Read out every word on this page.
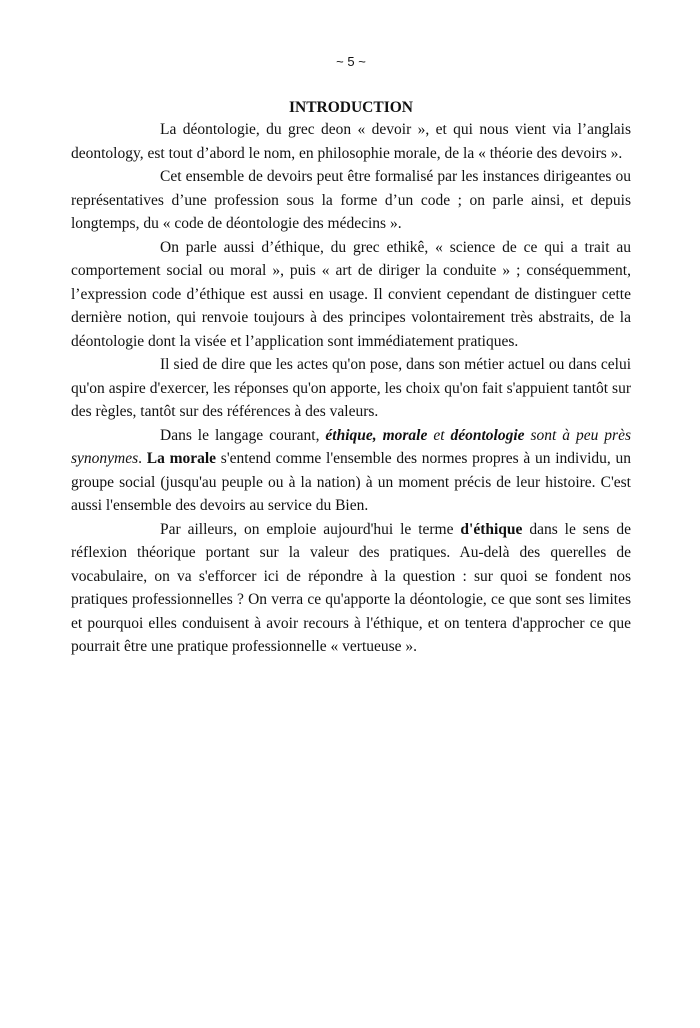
~ 5 ~
INTRODUCTION

La déontologie, du grec deon « devoir », et qui nous vient via l’anglais deontology, est tout d’abord le nom, en philosophie morale, de la « théorie des devoirs ».

Cet ensemble de devoirs peut être formalisé par les instances dirigeantes ou représentatives d’une profession sous la forme d’un code ; on parle ainsi, et depuis longtemps, du « code de déontologie des médecins ».

On parle aussi d’éthique, du grec ethikê, « science de ce qui a trait au comportement social ou moral », puis « art de diriger la conduite » ; conséquemment, l’expression code d’éthique est aussi en usage. Il convient cependant de distinguer cette dernière notion, qui renvoie toujours à des principes volontairement très abstraits, de la déontologie dont la visée et l’application sont immédiatement pratiques.

Il sied de dire que les actes qu'on pose, dans son métier actuel ou dans celui qu'on aspire d'exercer, les réponses qu'on apporte, les choix qu'on fait s'appuient tantôt sur des règles, tantôt sur des références à des valeurs.

Dans le langage courant, éthique, morale et déontologie sont à peu près synonymes. La morale s'entend comme l'ensemble des normes propres à un individu, un groupe social (jusqu'au peuple ou à la nation) à un moment précis de leur histoire. C'est aussi l'ensemble des devoirs au service du Bien.

Par ailleurs, on emploie aujourd'hui le terme d'éthique dans le sens de réflexion théorique portant sur la valeur des pratiques. Au-delà des querelles de vocabulaire, on va s'efforcer ici de répondre à la question : sur quoi se fondent nos pratiques professionnelles ? On verra ce qu'apporte la déontologie, ce que sont ses limites et pourquoi elles conduisent à avoir recours à l'éthique, et on tentera d'approcher ce que pourrait être une pratique professionnelle « vertueuse ».
